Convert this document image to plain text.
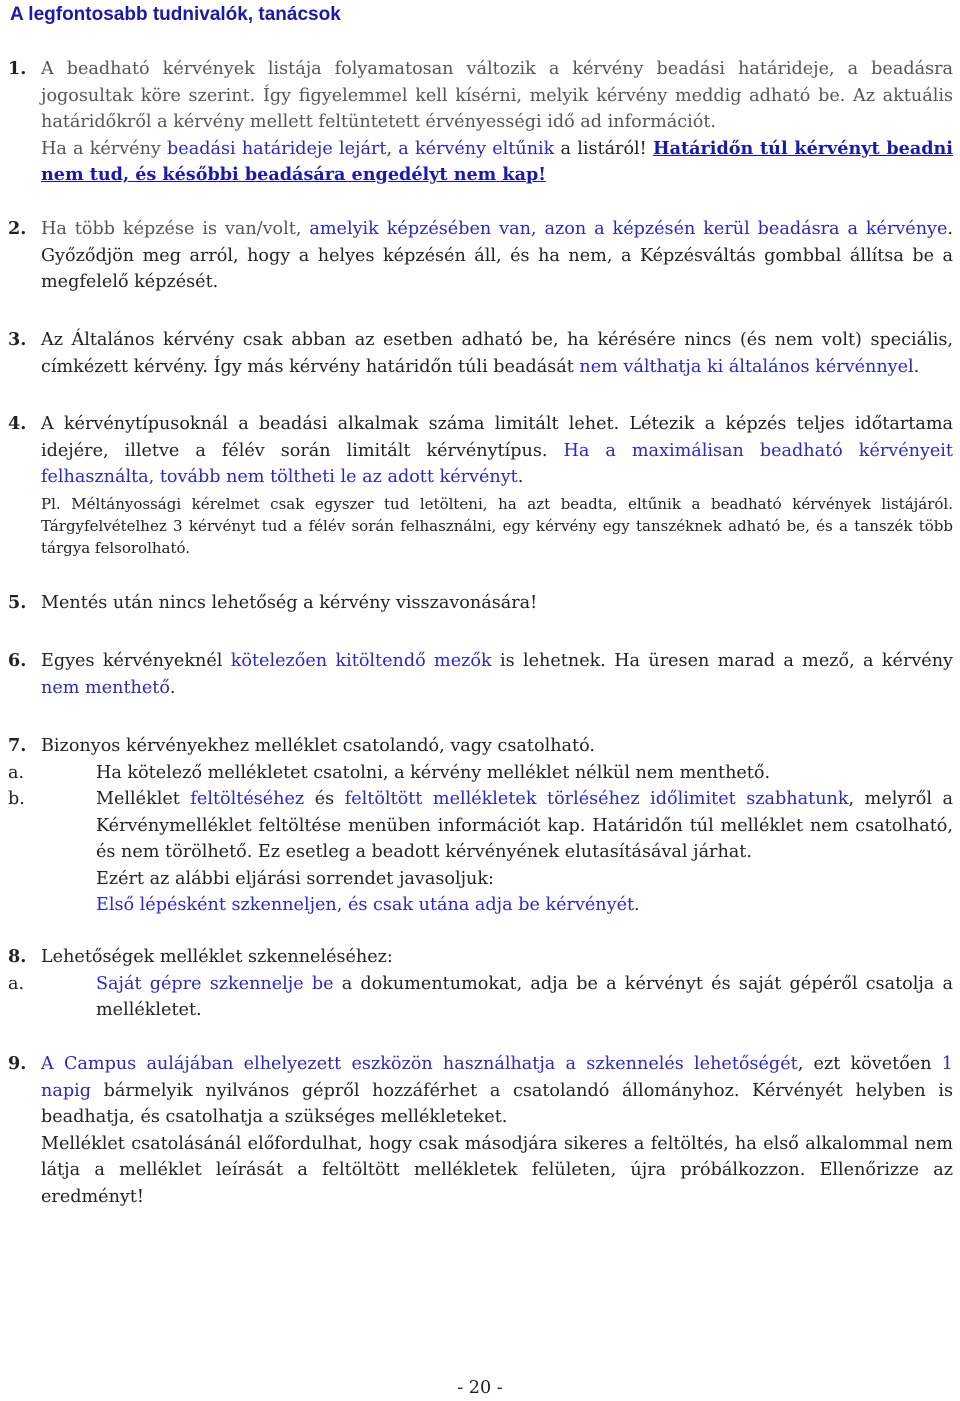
A legfontosabb tudnivalók, tanácsok
1. A beadható kérvények listája folyamatosan változik a kérvény beadási határideje, a beadásra jogosultak köre szerint. Így figyelemmel kell kísérni, melyik kérvény meddig adható be. Az aktuális határidőkről a kérvény mellett feltüntetett érvényességi idő ad információt.

Ha a kérvény beadási határideje lejárt, a kérvény eltűnik a listáról! Határidőn túl kérvényt beadni nem tud, és későbbi beadására engedélyt nem kap!

2. Ha több képzése is van/volt, amelyik képzésében van, azon a képzésén kerül beadásra a kérvénye. Győződjön meg arról, hogy a helyes képzésén áll, és ha nem, a Képzésváltás gombbal állítsa be a megfelelő képzését.

3. Az Általános kérvény csak abban az esetben adható be, ha kérésére nincs (és nem volt) speciális, címkézett kérvény. Így más kérvény határidőn túli beadását nem válthatja ki általános kérvénnyel.

4. A kérvénytípusoknál a beadási alkalmak száma limitált lehet. Létezik a képzés teljes időtartama idejére, illetve a félév során limitált kérvénytípus. Ha a maximálisan beadható kérvényeit felhasználta, tovább nem töltheti le az adott kérvényt.

Pl. Méltányossági kérelmet csak egyszer tud letölteni, ha azt beadta, eltűnik a beadható kérvények listájáról. Tárgyfelvételhez 3 kérvényt tud a félév során felhasználni, egy kérvény egy tanszéknek adható be, és a tanszék több tárgya felsorolható.
5. Mentés után nincs lehetőség a kérvény visszavonására!
6. Egyes kérvényeknél kötelezően kitöltendő mezők is lehetnek. Ha üresen marad a mező, a kérvény nem menthető.

7. Bizonyos kérvényekhez melléklet csatolandó, vagy csatolható.

a.	Ha kötelező mellékletet csatolni, a kérvény melléklet nélkül nem menthető.
b.	Melléklet feltöltéséhez és feltöltött mellékletek törléséhez időlimitet szabhatunk, melyről a Kérvénymelléklet feltöltése menüben információt kap. Határidőn túl melléklet nem csatolható, és nem törölhető. Ez esetleg a beadott kérvényének elutasításával járhat.

Ezért az alábbi eljárási sorrendet javasoljuk:

Első lépésként szkenneljen, és csak utána adja be kérvényét.

8. Lehetőségek melléklet szkenneléséhez:

a.	Saját gépre szkennelje be a dokumentumokat, adja be a kérvényt és saját gépéről csatolja a mellékletet.

9. A Campus aulájában elhelyezett eszközön használhatja a szkennelés lehetőségét, ezt követően 1 napig bármelyik nyilvános gépről hozzáférhet a csatolandó állományhoz. Kérvényét helyben is beadhatja, és csatolhatja a szükséges mellékleteket.

Melléklet csatolásánál előfordulhat, hogy csak másodjára sikeres a feltöltés, ha első alkalommal nem látja a melléklet leírását a feltöltött mellékletek felületen, újra próbálkozzon. Ellenőrizze az eredményt!

- 20 -
